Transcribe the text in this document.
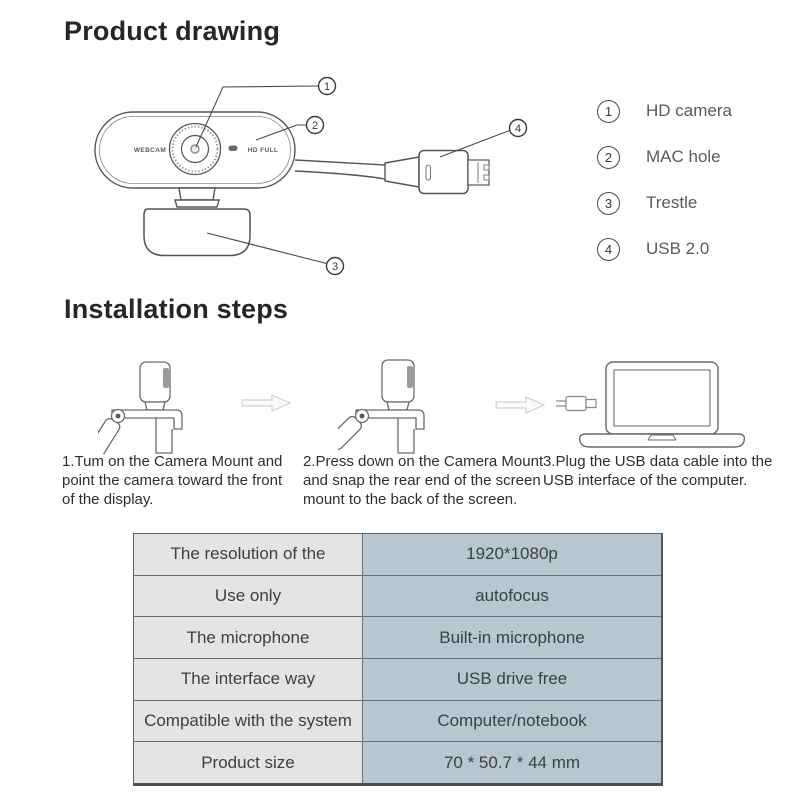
Product drawing
WEBCAM	HD FULL
1
2
3
4
1	HD camera
2	MAC hole
3	Trestle
4	USB 2.0
Installation steps
1.Tum on the Camera Mount and point the camera toward the front of the display.
2.Press down on the Camera Mount and snap the rear end of the screen mount to the back of the screen.
3.Plug the USB data cable into the USB interface of the computer.
The resolution of the	1920*1080p
Use only	autofocus
The microphone	Built-in microphone
The interface way	USB drive free
Compatible with the system	Computer/notebook
Product size	70 * 50.7 * 44 mm
